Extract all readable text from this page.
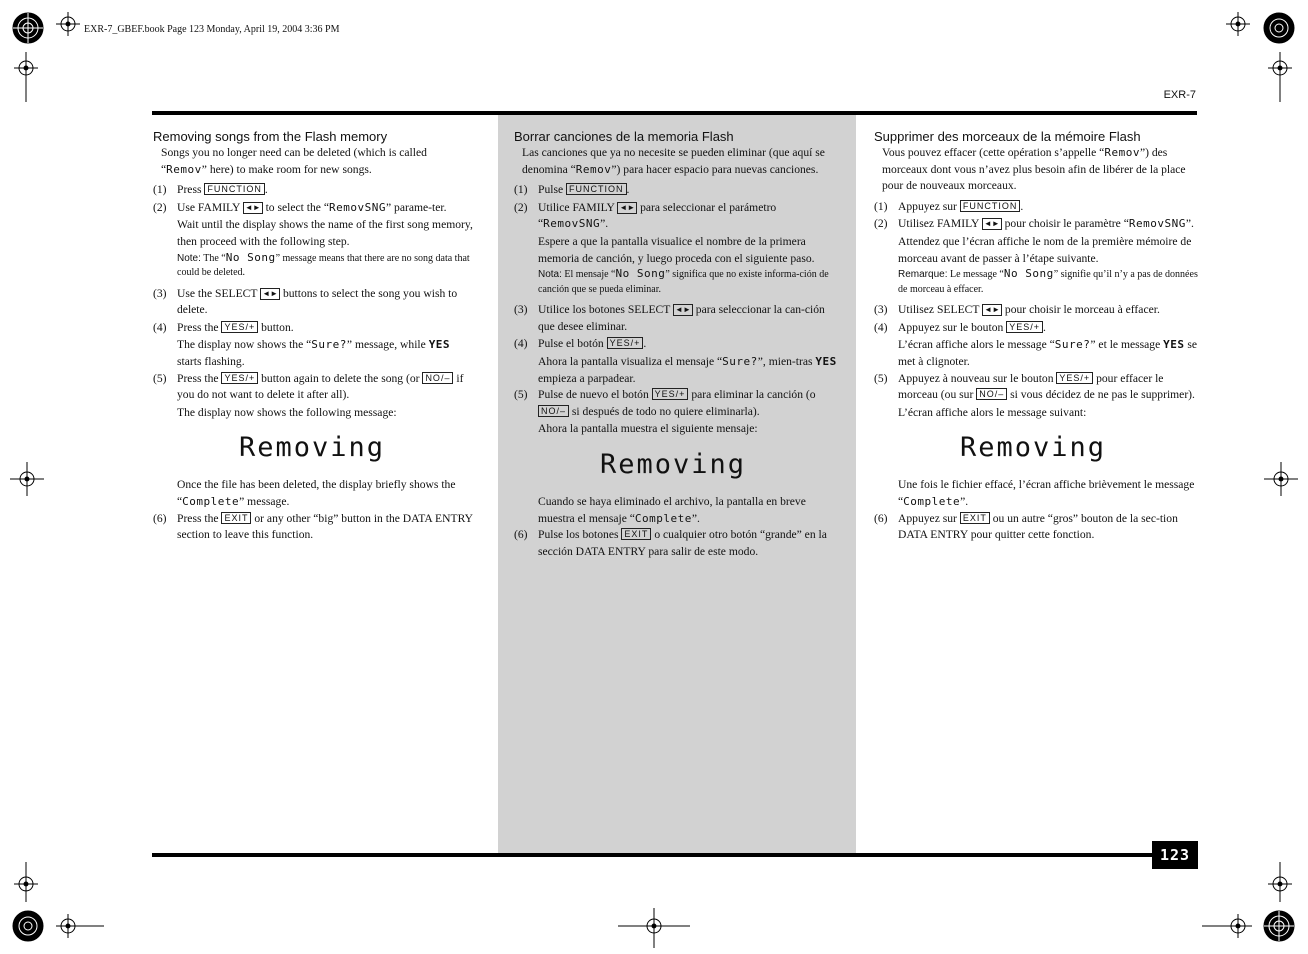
EXR-7_GBEF.book Page 123 Monday, April 19, 2004 3:36 PM
EXR-7
123
Removing songs from the Flash memory
Songs you no longer need can be deleted (which is called “Remov” here) to make room for new songs.
(1) Press FUNCTION .
(2) Use FAMILY ◄► to select the “RemovSNG” parame-ter.
Wait until the display shows the name of the first song memory, then proceed with the following step.
Note: The “No Song” message means that there are no song data that could be deleted.
(3) Use the SELECT ◄► buttons to select the song you wish to delete.
(4) Press the YES/+ button.
The display now shows the “Sure?” message, while YES starts flashing.
(5) Press the YES/+ button again to delete the song (or NO/– if you do not want to delete it after all).
The display now shows the following message:
Removing
Once the file has been deleted, the display briefly shows the “Complete” message.
(6) Press the EXIT or any other “big” button in the DATA ENTRY section to leave this function.
Borrar canciones de la memoria Flash
Las canciones que ya no necesite se pueden eliminar (que aquí se denomina “Remov”) para hacer espacio para nuevas canciones.
(1) Pulse FUNCTION .
(2) Utilice FAMILY ◄► para seleccionar el parámetro “RemovSNG”.
Espere a que la pantalla visualice el nombre de la primera memoria de canción, y luego proceda con el siguiente paso.
Nota: El mensaje “No Song” significa que no existe informa-ción de canción que se pueda eliminar.
(3) Utilice los botones SELECT ◄► para seleccionar la can-ción que desee eliminar.
(4) Pulse el botón YES/+ .
Ahora la pantalla visualiza el mensaje “Sure?”, mien-tras YES empieza a parpadear.
(5) Pulse de nuevo el botón YES/+ para eliminar la canción (o NO/– si después de todo no quiere eliminarla).
Ahora la pantalla muestra el siguiente mensaje:
Removing
Cuando se haya eliminado el archivo, la pantalla en breve muestra el mensaje “Complete”.
(6) Pulse los botones EXIT o cualquier otro botón “grande” en la sección DATA ENTRY para salir de este modo.
Supprimer des morceaux de la mémoire Flash
Vous pouvez effacer (cette opération s’appelle “Remov”) des morceaux dont vous n’avez plus besoin afin de libérer de la place pour de nouveaux morceaux.
(1) Appuyez sur FUNCTION .
(2) Utilisez FAMILY ◄► pour choisir le paramètre “RemovSNG”.
Attendez que l’écran affiche le nom de la première mémoire de morceau avant de passer à l’étape suivante.
Remarque: Le message “No Song” signifie qu’il n’y a pas de données de morceau à effacer.
(3) Utilisez SELECT ◄► pour choisir le morceau à effacer.
(4) Appuyez sur le bouton YES/+ .
L’écran affiche alors le message “Sure?” et le message YES se met à clignoter.
(5) Appuyez à nouveau sur le bouton YES/+ pour effacer le morceau (ou sur NO/– si vous décidez de ne pas le supprimer).
L’écran affiche alors le message suivant:
Removing
Une fois le fichier effacé, l’écran affiche brièvement le message “Complete”.
(6) Appuyez sur EXIT ou un autre “gros” bouton de la sec-tion DATA ENTRY pour quitter cette fonction.
